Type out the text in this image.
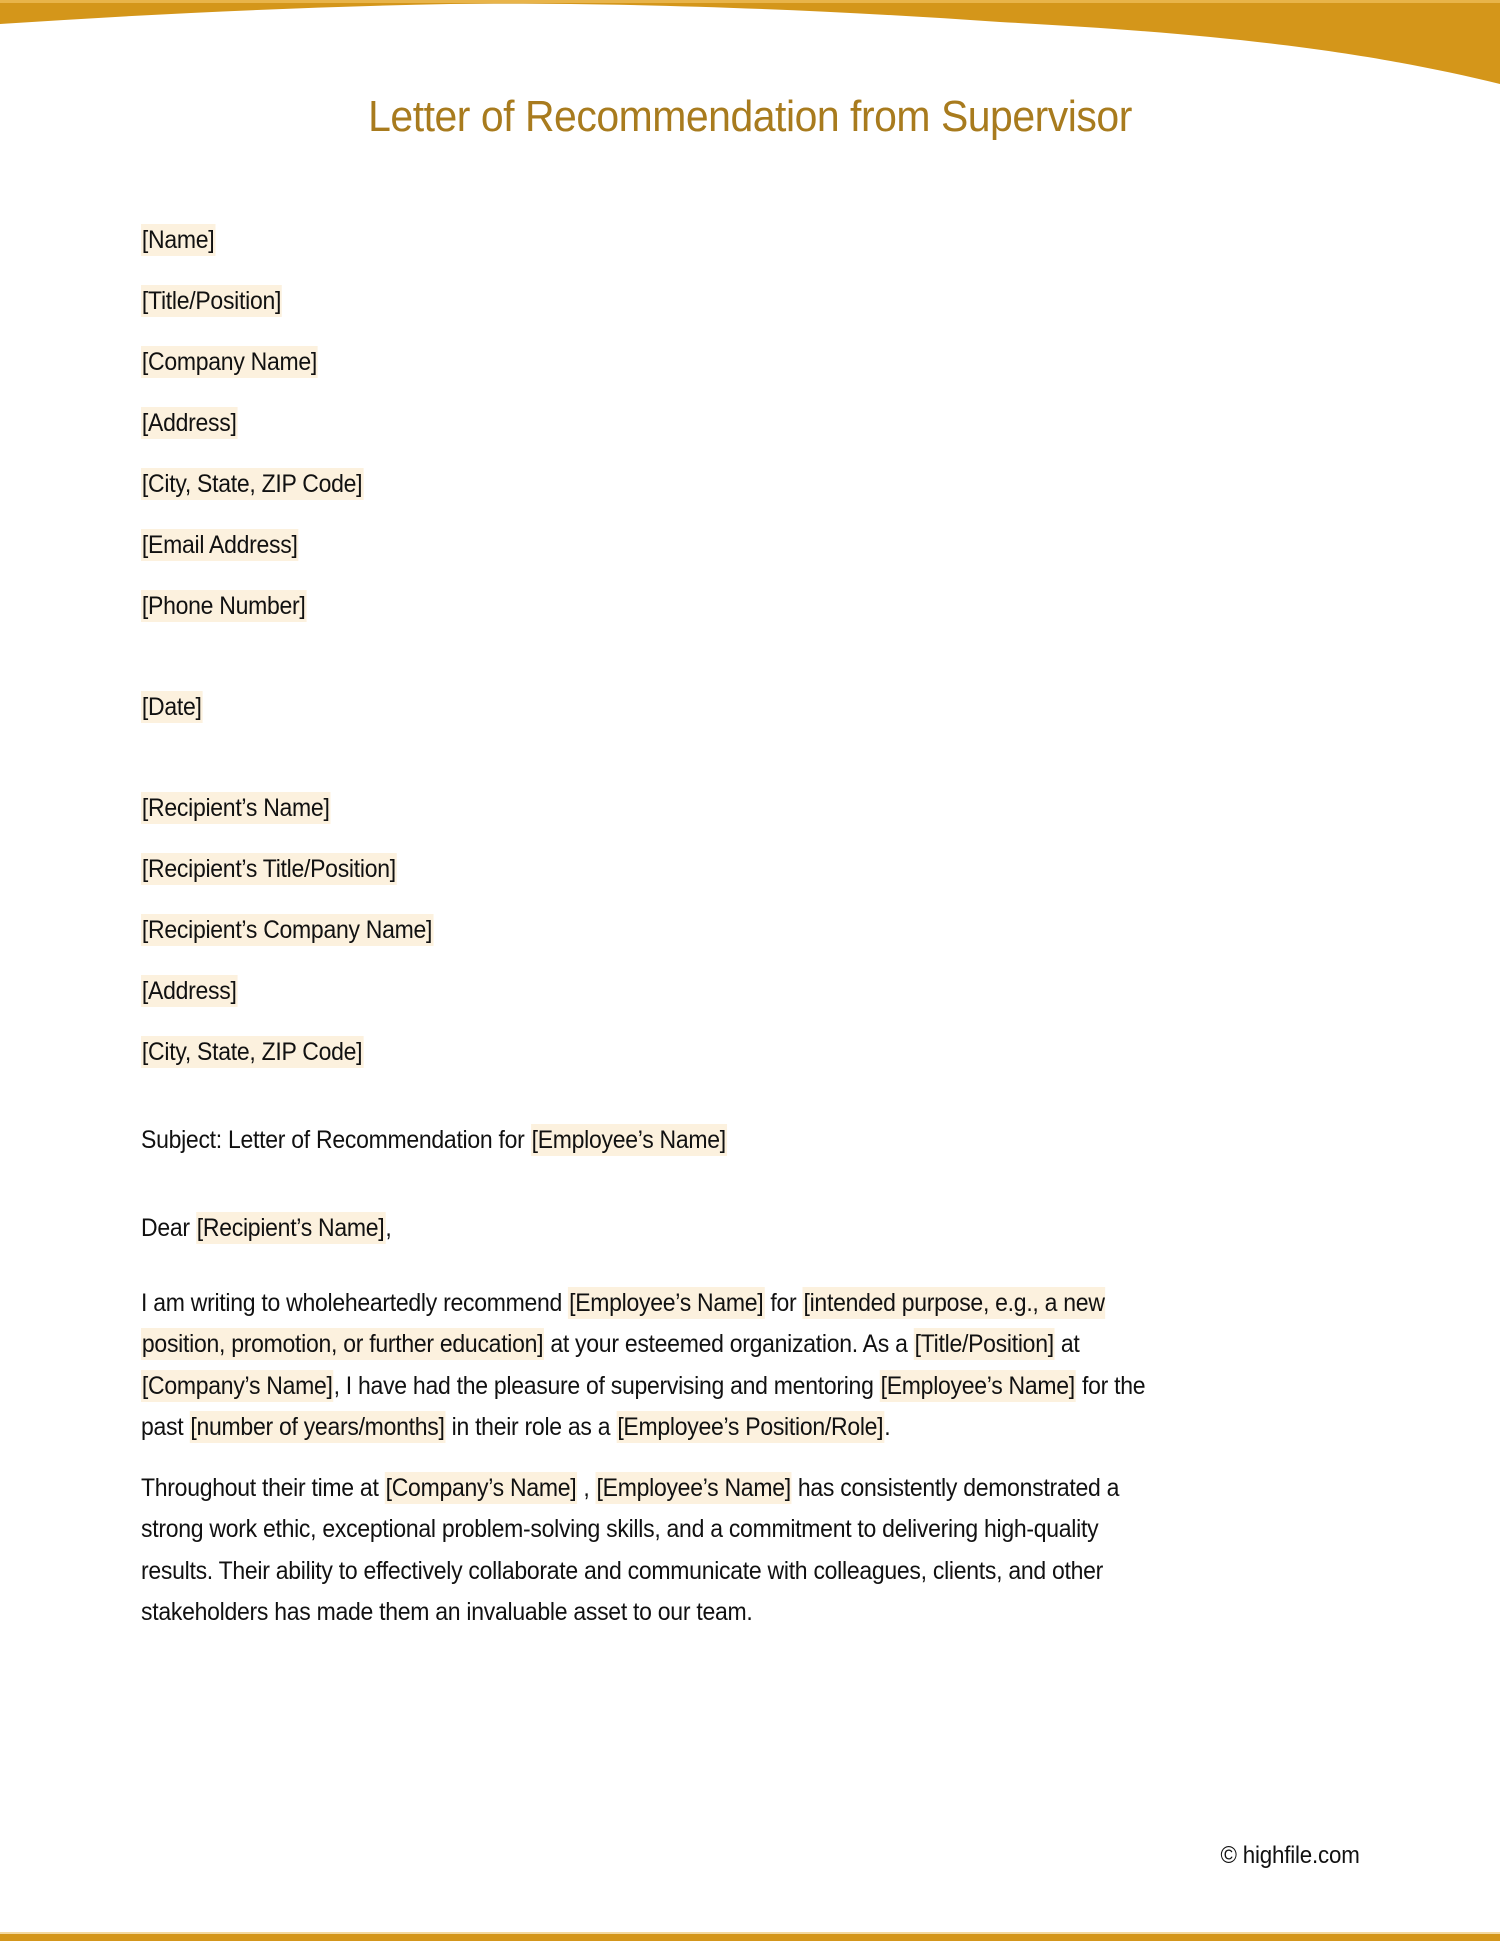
Letter of Recommendation from Supervisor
[Name]
[Title/Position]
[Company Name]
[Address]
[City, State, ZIP Code]
[Email Address]
[Phone Number]
[Date]
[Recipient’s Name]
[Recipient’s Title/Position]
[Recipient’s Company Name]
[Address]
[City, State, ZIP Code]
Subject: Letter of Recommendation for [Employee’s Name]
Dear [Recipient’s Name],
I am writing to wholeheartedly recommend [Employee’s Name] for [intended purpose, e.g., a new
position, promotion, or further education] at your esteemed organization. As a [Title/Position] at
[Company’s Name], I have had the pleasure of supervising and mentoring [Employee’s Name] for the
past [number of years/months] in their role as a [Employee’s Position/Role].
Throughout their time at [Company’s Name] , [Employee’s Name] has consistently demonstrated a
strong work ethic, exceptional problem-solving skills, and a commitment to delivering high-quality
results. Their ability to effectively collaborate and communicate with colleagues, clients, and other
stakeholders has made them an invaluable asset to our team.
© highfile.com
